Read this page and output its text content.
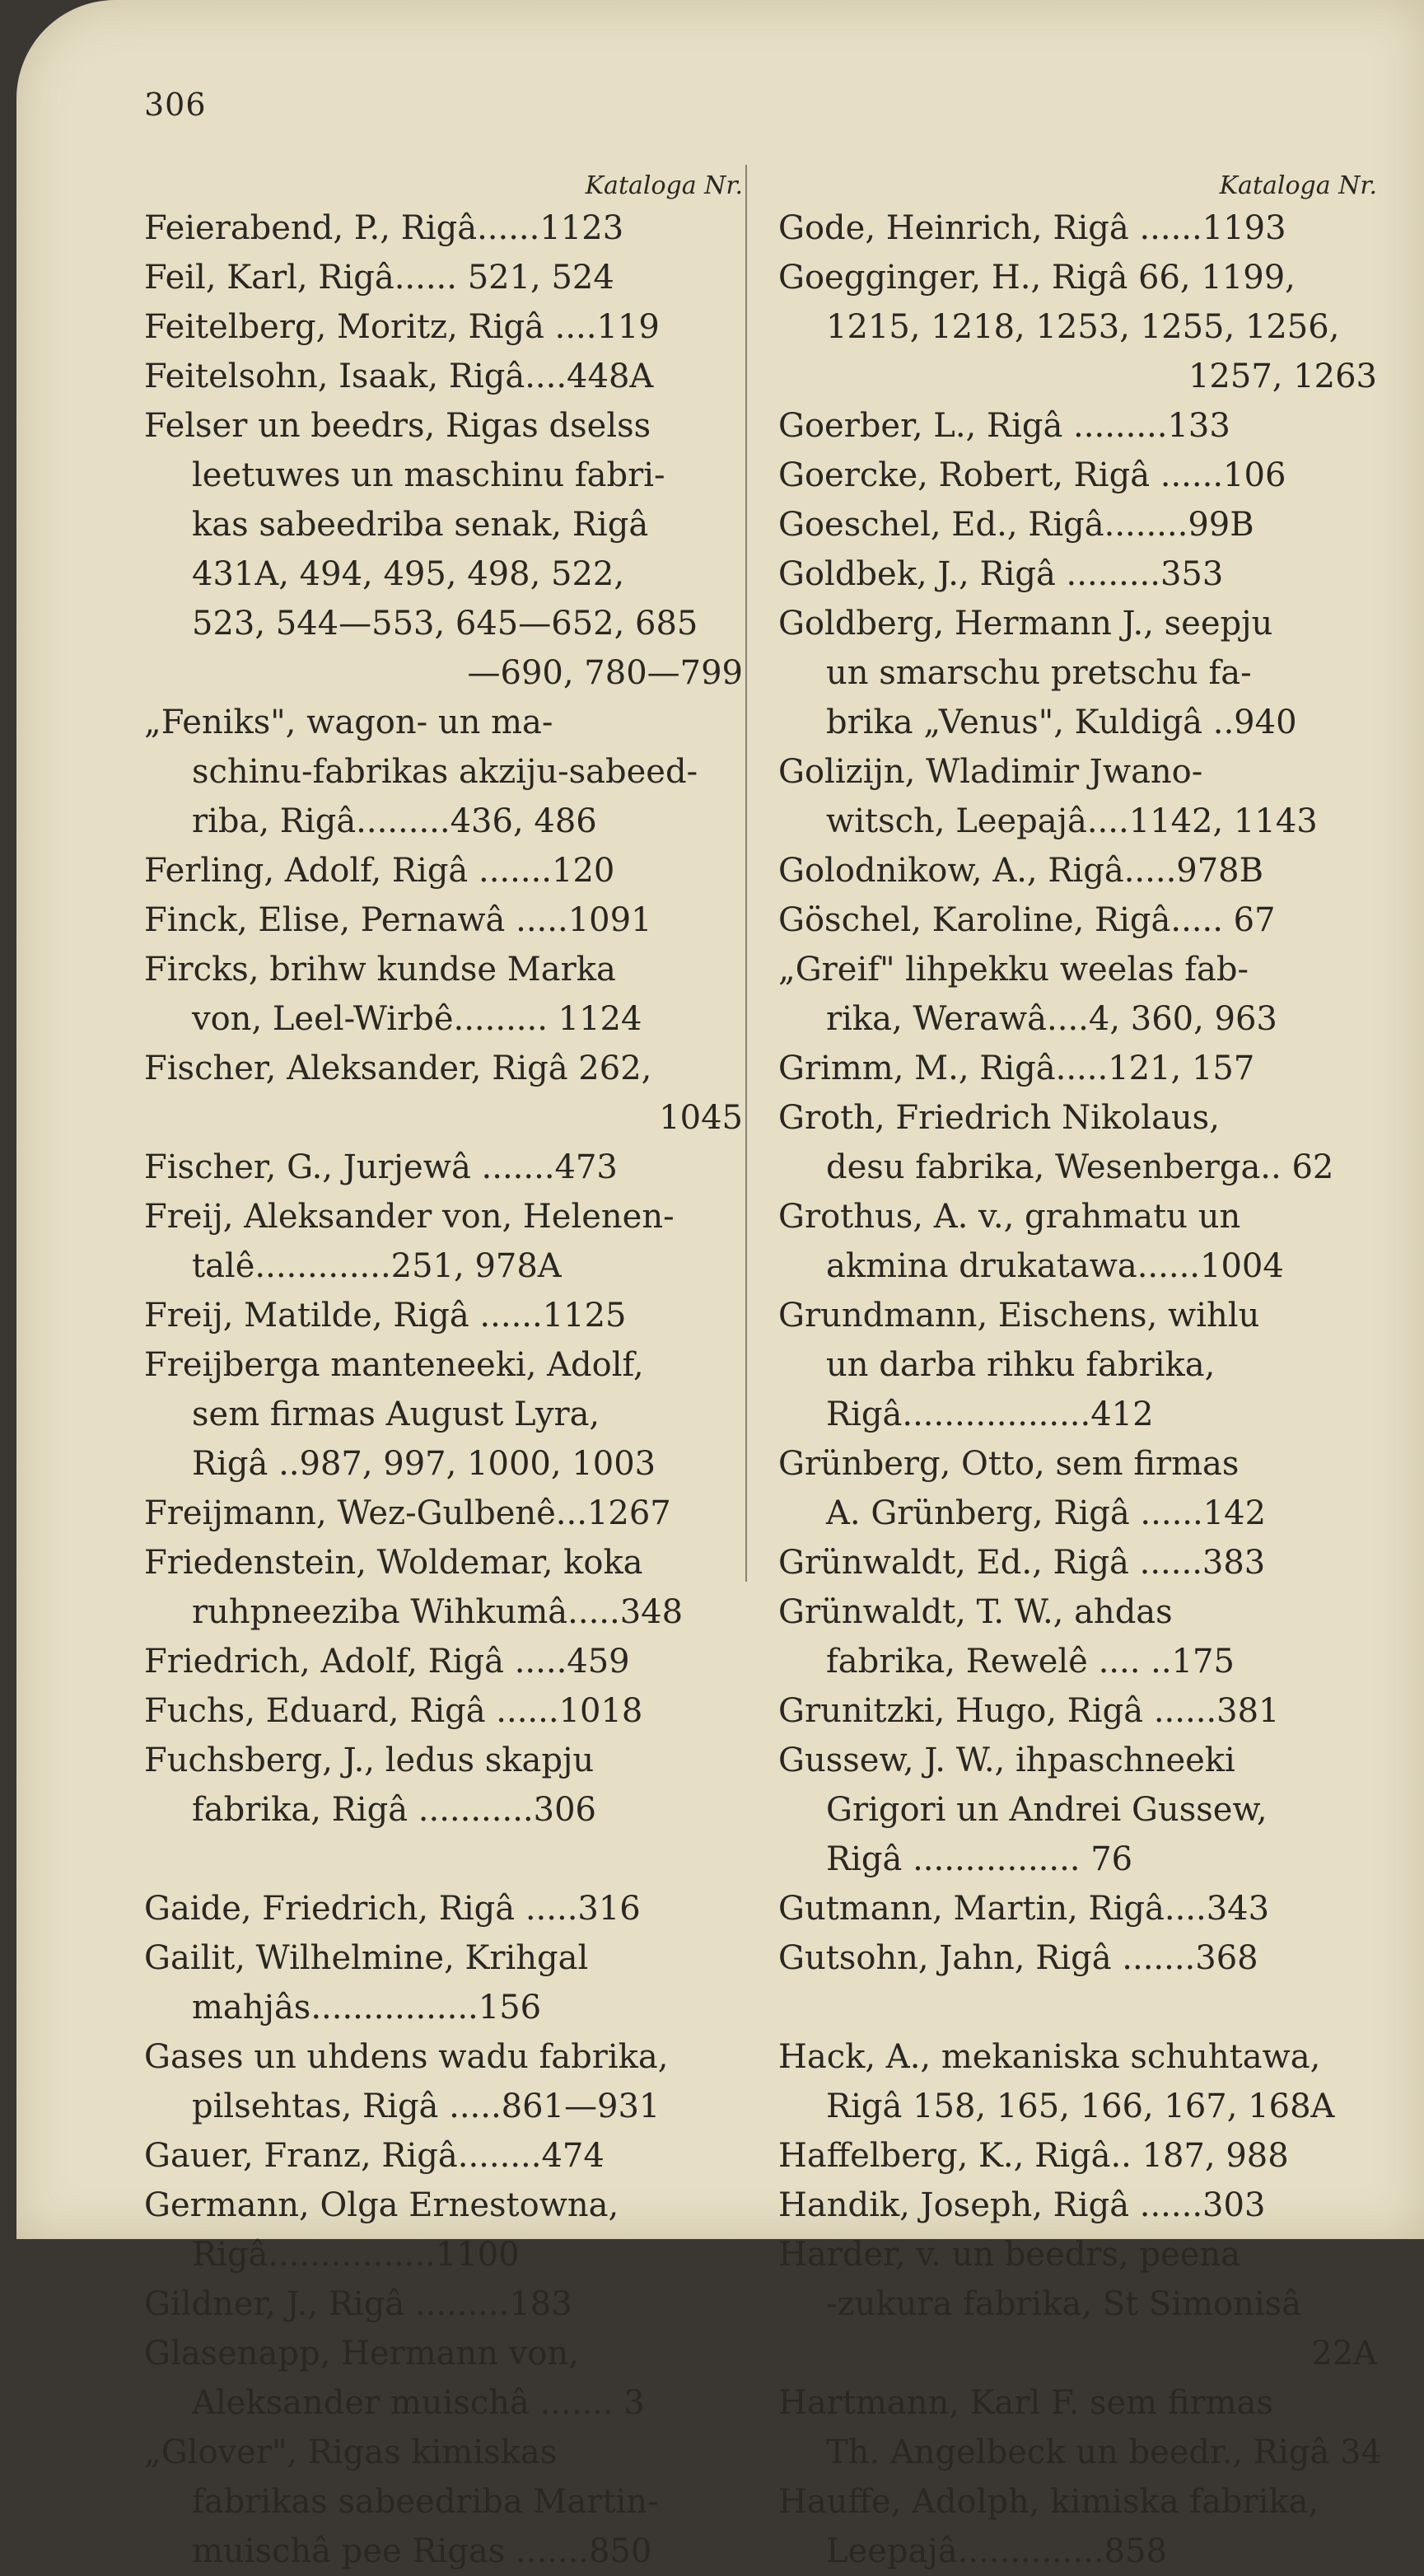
306
Kataloga Nr.
Feierabend, P., Rigâ......1123
Feil, Karl, Rigâ...... 521, 524
Feitelberg, Moritz, Rigâ ....119
Feitelsohn, Isaak, Rigâ....448A
Felser un beedrs, Rigas dselss
leetuwes un maschinu fabri-
kas sabeedriba senak, Rigâ
431A, 494, 495, 498, 522,
523, 544—553, 645—652, 685
—690, 780—799
„Feniks", wagon- un ma-
schinu-fabrikas akziju-sabeed-
riba, Rigâ.........436, 486
Ferling, Adolf, Rigâ .......120
Finck, Elise, Pernawâ .....1091
Fircks, brihw kundse Marka
von, Leel-Wirbê......... 1124
Fischer, Aleksander, Rigâ 262,
1045
Fischer, G., Jurjewâ .......473
Freij, Aleksander von, Helenen-
talê.............251, 978A
Freij, Matilde, Rigâ ......1125
Freijberga manteneeki, Adolf,
sem firmas August Lyra,
Rigâ ..987, 997, 1000, 1003
Freijmann, Wez-Gulbenê...1267
Friedenstein, Woldemar, koka
ruhpneeziba Wihkumâ.....348
Friedrich, Adolf, Rigâ .....459
Fuchs, Eduard, Rigâ ......1018
Fuchsberg, J., ledus skapju
fabrika, Rigâ ...........306
Gaide, Friedrich, Rigâ .....316
Gailit, Wilhelmine, Krihgal
mahjâs................156
Gases un uhdens wadu fabrika,
pilsehtas, Rigâ .....861—931
Gauer, Franz, Rigâ........474
Germann, Olga Ernestowna,
Rigâ................1100
Gildner, J., Rigâ .........183
Glasenapp, Hermann von,
Aleksander muischâ ....... 3
„Glover", Rigas kimiskas
fabrikas sabeedriba Martin-
muischâ pee Rigas .......850
Kataloga Nr.
Gode, Heinrich, Rigâ ......1193
Goegginger, H., Rigâ 66, 1199,
1215, 1218, 1253, 1255, 1256,
1257, 1263
Goerber, L., Rigâ .........133
Goercke, Robert, Rigâ ......106
Goeschel, Ed., Rigâ........99B
Goldbek, J., Rigâ .........353
Goldberg, Hermann J., seepju
un smarschu pretschu fa-
brika „Venus", Kuldigâ ..940
Golizijn, Wladimir Jwano-
witsch, Leepajâ....1142, 1143
Golodnikow, A., Rigâ.....978B
Göschel, Karoline, Rigâ..... 67
„Greif" lihpekku weelas fab-
rika, Werawâ....4, 360, 963
Grimm, M., Rigâ.....121, 157
Groth, Friedrich Nikolaus,
desu fabrika, Wesenberga.. 62
Grothus, A. v., grahmatu un
akmina drukatawa......1004
Grundmann, Eischens, wihlu
un darba rihku fabrika,
Rigâ..................412
Grünberg, Otto, sem firmas
A. Grünberg, Rigâ ......142
Grünwaldt, Ed., Rigâ ......383
Grünwaldt, T. W., ahdas
fabrika, Rewelê .... ..175
Grunitzki, Hugo, Rigâ ......381
Gussew, J. W., ihpaschneeki
Grigori un Andrei Gussew,
Rigâ ................ 76
Gutmann, Martin, Rigâ....343
Gutsohn, Jahn, Rigâ .......368
Hack, A., mekaniska schuhtawa,
Rigâ 158, 165, 166, 167, 168A
Haffelberg, K., Rigâ.. 187, 988
Handik, Joseph, Rigâ ......303
Harder, v. un beedrs, peena
-zukura fabrika, St Simonisâ
22A
Hartmann, Karl F. sem firmas
Th. Angelbeck un beedr., Rigâ 34
Hauffe, Adolph, kimiska fabrika,
Leepajâ..............858
